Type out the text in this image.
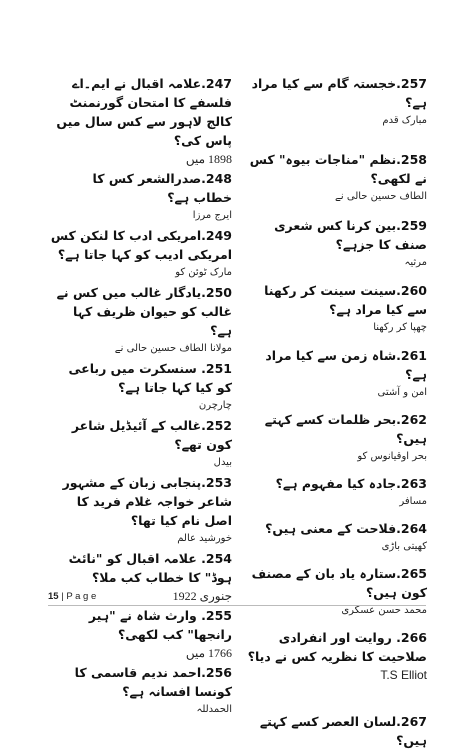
257.خجستہ گام سے کیا مراد ہے؟
مبارک قدم
258.نظم "مناجات بیوہ" کس نے لکھی؟
الطاف حسین حالی نے
259.بین کرنا کس شعری صنف کا جزہے؟
مرثیہ
260.سینت سینت کر رکھنا سے کیا مراد ہے؟
چھپا کر رکھنا
261.شاہ زمن سے کیا مراد ہے؟
امن و آشتی
262.بحر ظلمات کسے کہتے ہیں؟
بحر اوقیانوس کو
263.جادہ کیا مفہوم ہے؟
مسافر
264.فلاحت کے معنی ہیں؟
کھیتی باڑی
265.ستارہ یاد بان کے مصنف کون ہیں؟
محمد حسن عسکری
266. روایت اور انفرادی صلاحیت کا نظریہ کس نے دیا؟
T.S Elliot
267.لسان العصر کسے کہتے ہیں؟
247.علامہ اقبال نے ایم۔اے فلسفے کا امتحان گورنمنٹ کالج لاہور سے کس سال میں پاس کی؟
1898 میں
248.صدرالشعر کس کا خطاب ہے؟
ایرج مرزا
249.امریکی ادب کا لنکن کس امریکی ادیب کو کہا جاتا ہے؟
مارک ٹوئن کو
250.یادگار غالب میں کس نے غالب کو حیوان ظریف کہا ہے؟
مولانا الطاف حسین حالی نے
251. سنسکرت میں رباعی کو کیا کہا جاتا ہے؟
چارچرن
252.غالب کے آئیڈیل شاعر کون تھے؟
بیدل
253.پنجابی زبان کے مشہور شاعر خواجہ غلام فرید کا اصل نام کیا تھا؟
خورشید عالم
254. علامہ اقبال کو "نائٹ ہوڈ" کا خطاب کب ملا؟
جنوری 1922
255. وارث شاہ نے "ہیر رانجھا" کب لکھی؟
1766 میں
256.احمد ندیم قاسمی کا کونسا افسانہ ہے؟
الحمدللہ
15 | P a g e
